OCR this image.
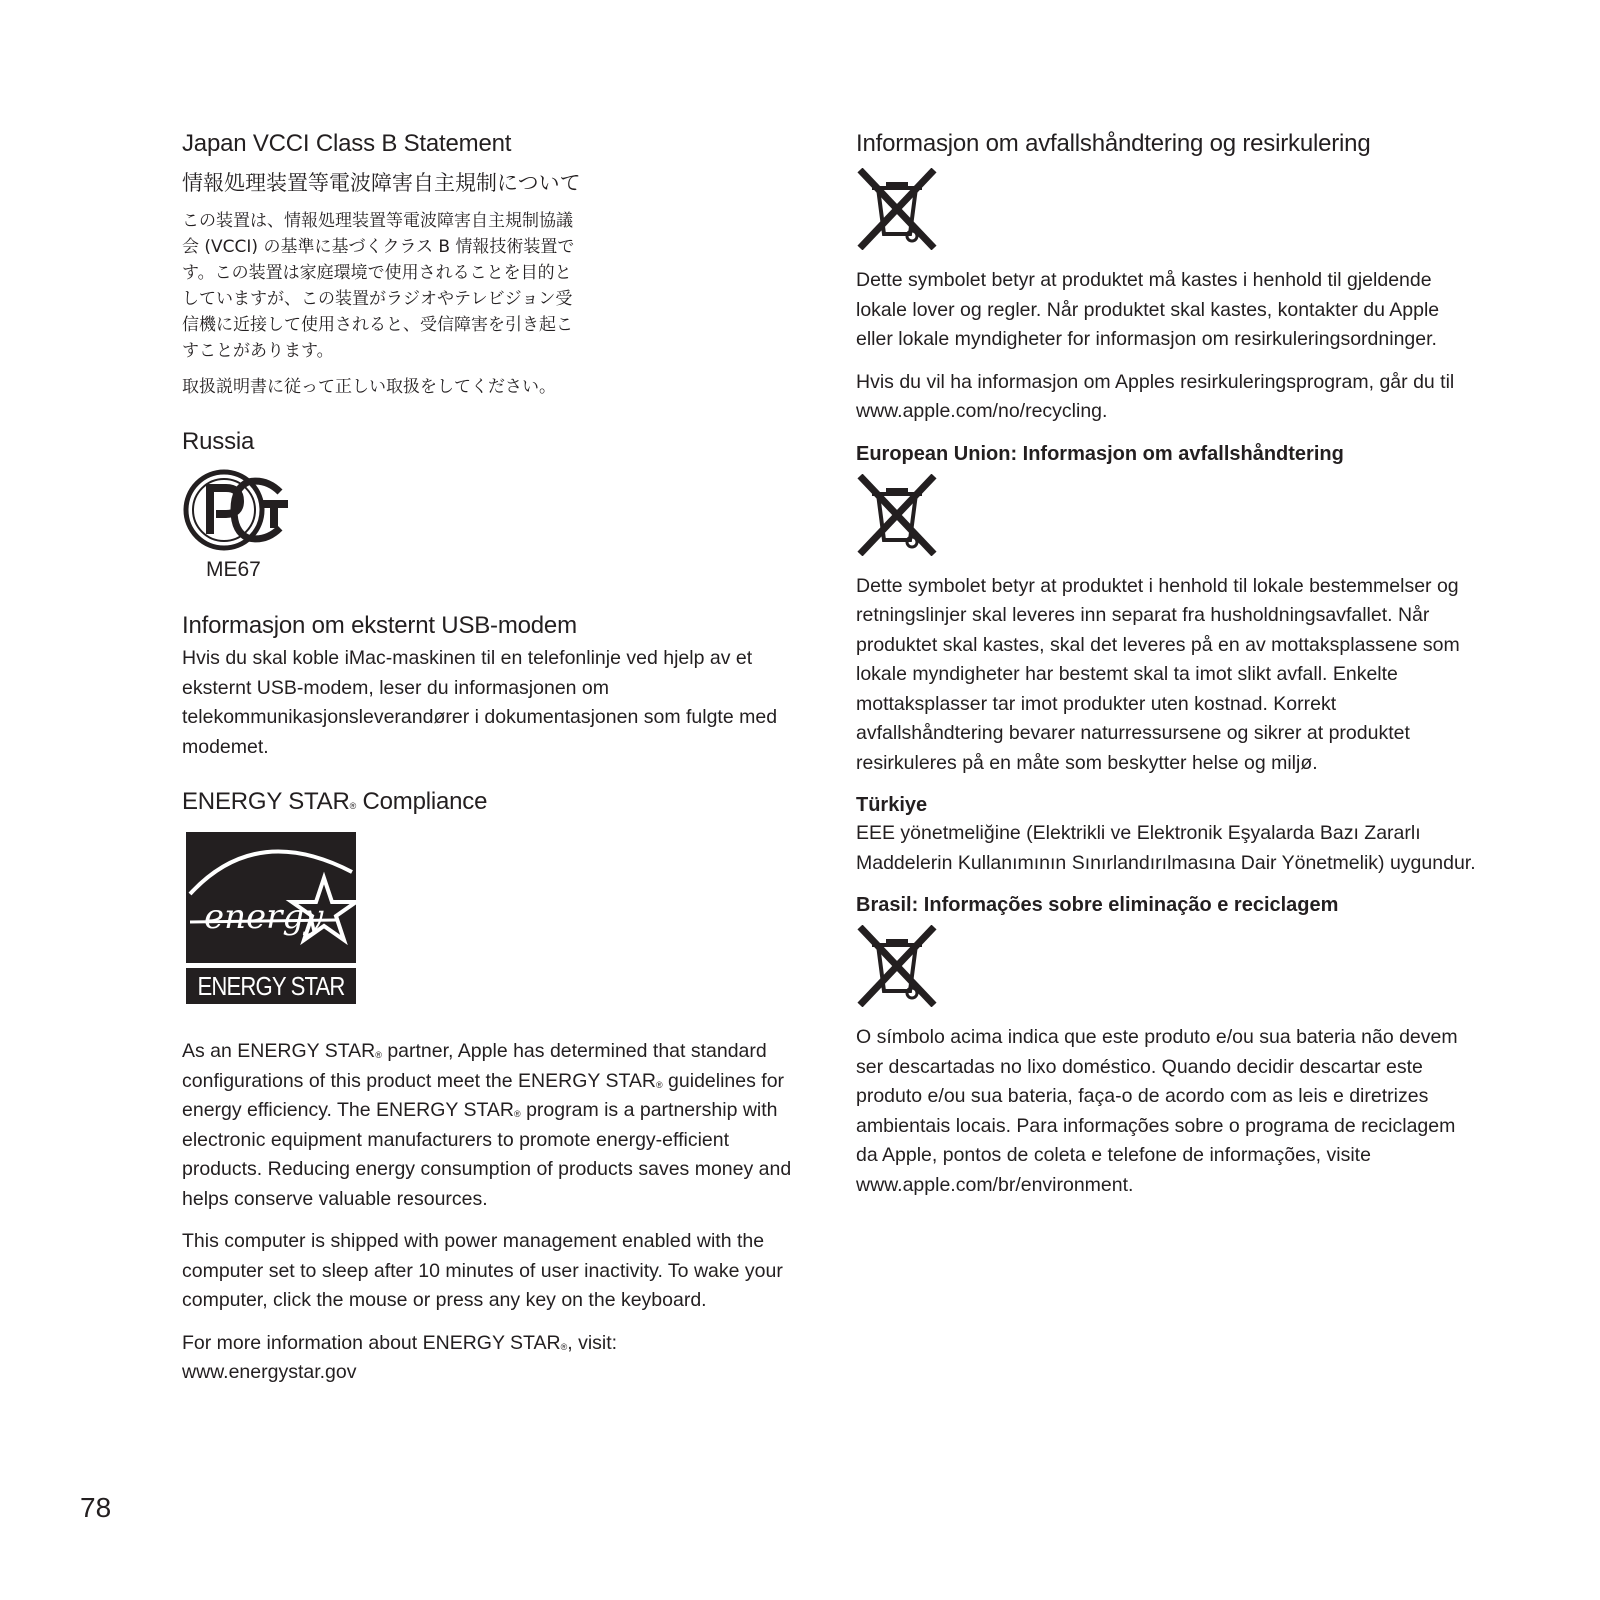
Japan VCCI Class B Statement
情報処理装置等電波障害自主規制について
この装置は、情報処理装置等電波障害自主規制協議
会 (VCCI) の基準に基づくクラス B 情報技術装置で
す。この装置は家庭環境で使用されることを目的と
していますが、この装置がラジオやテレビジョン受
信機に近接して使用されると、受信障害を引き起こ
すことがあります。
取扱説明書に従って正しい取扱をしてください。
Russia
ME67
Informasjon om eksternt USB-modem

Hvis du skal koble iMac-maskinen til en telefonlinje ved hjelp av et eksternt USB-modem, leser du informasjonen om telekommunikasjonsleverandører i dokumentasjonen som fulgte med modemet.

ENERGY STAR® Compliance
energy
ENERGY STAR

As an ENERGY STAR® partner, Apple has determined that standard configurations of this product meet the ENERGY STAR® guidelines for energy efficiency. The ENERGY STAR® program is a partnership with electronic equipment manufacturers to promote energy-efficient products. Reducing energy consumption of products saves money and helps conserve valuable resources.

This computer is shipped with power management enabled with the computer set to sleep after 10 minutes of user inactivity. To wake your computer, click the mouse or press any key on the keyboard.

For more information about ENERGY STAR®, visit:
www.energystar.gov

Informasjon om avfallshåndtering og resirkulering

Dette symbolet betyr at produktet må kastes i henhold til gjeldende lokale lover og regler. Når produktet skal kastes, kontakter du Apple eller lokale myndigheter for informasjon om resirkuleringsordninger.

Hvis du vil ha informasjon om Apples resirkuleringsprogram, går du til www.apple.com/no/recycling.

European Union: Informasjon om avfallshåndtering

Dette symbolet betyr at produktet i henhold til lokale bestemmelser og retningslinjer skal leveres inn separat fra husholdningsavfallet. Når produktet skal kastes, skal det leveres på en av mottaksplassene som lokale myndigheter har bestemt skal ta imot slikt avfall. Enkelte mottaksplasser tar imot produkter uten kostnad. Korrekt avfallshåndtering bevarer naturressursene og sikrer at produktet resirkuleres på en måte som beskytter helse og miljø.

Türkiye

EEE yönetmeliğine (Elektrikli ve Elektronik Eşyalarda Bazı Zararlı Maddelerin Kullanımının Sınırlandırılmasına Dair Yönetmelik) uygundur.

Brasil: Informações sobre eliminação e reciclagem

O símbolo acima indica que este produto e/ou sua bateria não devem ser descartadas no lixo doméstico. Quando decidir descartar este produto e/ou sua bateria, faça-o de acordo com as leis e diretrizes ambientais locais. Para informações sobre o programa de reciclagem da Apple, pontos de coleta e telefone de informações, visite www.apple.com/br/environment.

78
